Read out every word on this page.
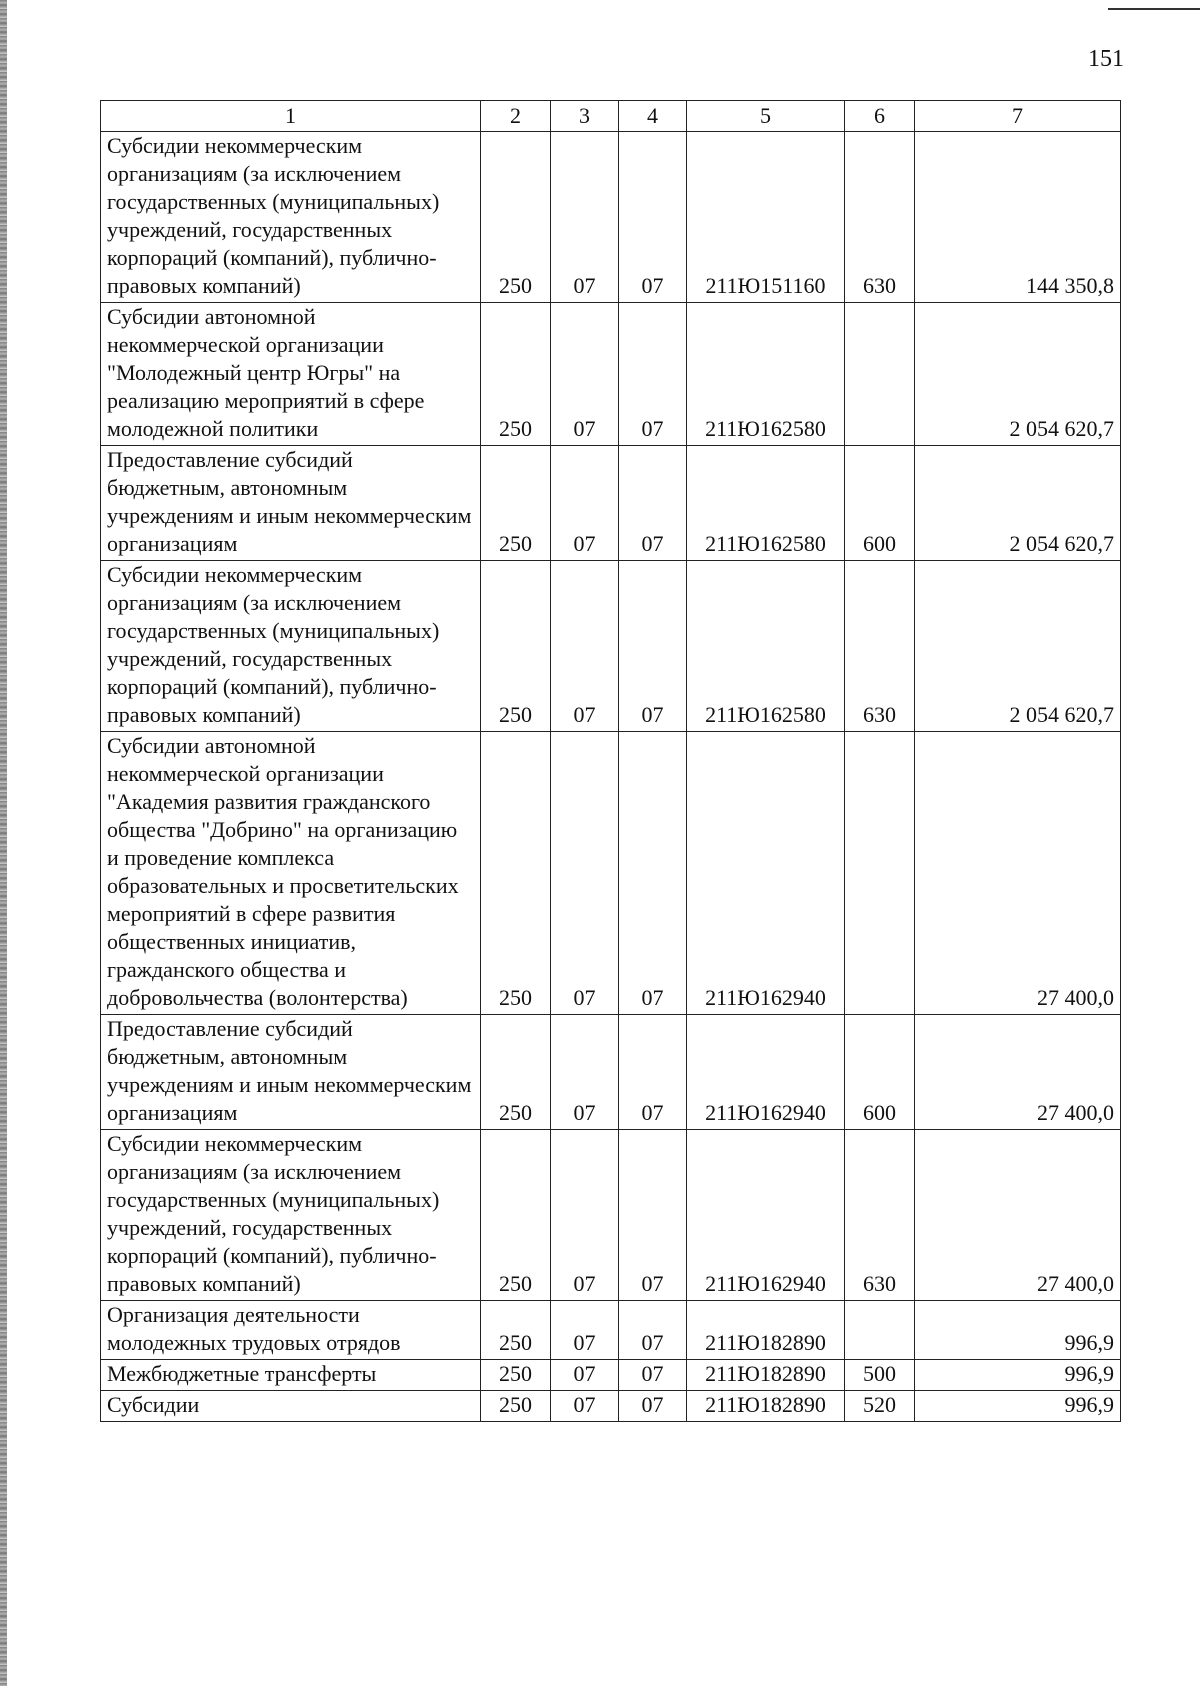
151
1	2	3	4	5	6	7
Субсидии некоммерческим организациям (за исключением государственных (муниципальных) учреждений, государственных корпораций (компаний), публично-правовых компаний)	250	07	07	211Ю151160	630	144 350,8
Субсидии автономной некоммерческой организации "Молодежный центр Югры" на реализацию мероприятий в сфере молодежной политики	250	07	07	211Ю162580		2 054 620,7
Предоставление субсидий бюджетным, автономным учреждениям и иным некоммерческим организациям	250	07	07	211Ю162580	600	2 054 620,7
Субсидии некоммерческим организациям (за исключением государственных (муниципальных) учреждений, государственных корпораций (компаний), публично-правовых компаний)	250	07	07	211Ю162580	630	2 054 620,7
Субсидии автономной некоммерческой организации "Академия развития гражданского общества "Добрино" на организацию и проведение комплекса образовательных и просветительских мероприятий в сфере развития общественных инициатив, гражданского общества и добровольчества (волонтерства)	250	07	07	211Ю162940		27 400,0
Предоставление субсидий бюджетным, автономным учреждениям и иным некоммерческим организациям	250	07	07	211Ю162940	600	27 400,0
Субсидии некоммерческим организациям (за исключением государственных (муниципальных) учреждений, государственных корпораций (компаний), публично-правовых компаний)	250	07	07	211Ю162940	630	27 400,0
Организация деятельности молодежных трудовых отрядов	250	07	07	211Ю182890		996,9
Межбюджетные трансферты	250	07	07	211Ю182890	500	996,9
Субсидии	250	07	07	211Ю182890	520	996,9
